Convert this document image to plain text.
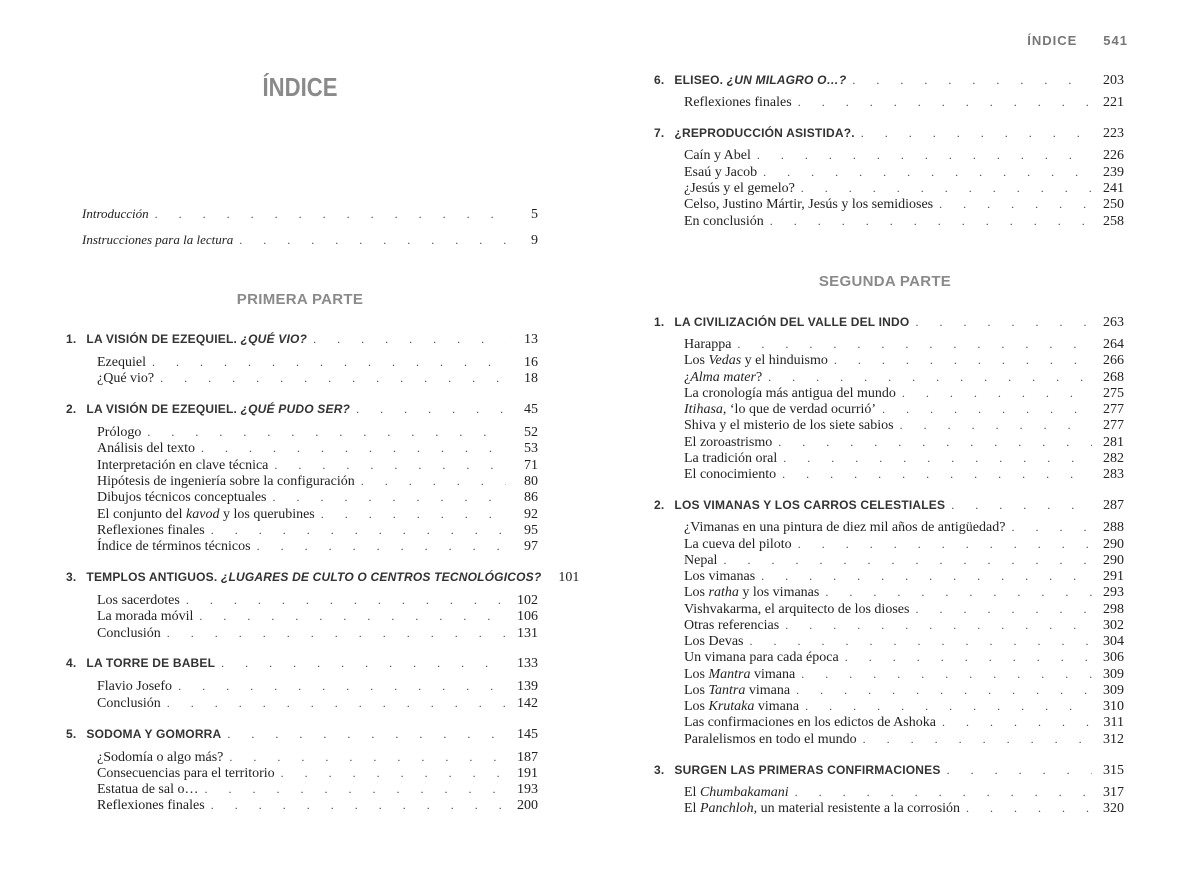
ÍNDICE
Introducción . . .	5
Instrucciones para la lectura . . .	9
PRIMERA PARTE
1. LA VISIÓN DE EZEQUIEL. ¿QUÉ VIO? . . .	13
Ezequiel . . .	16
¿Qué vio? . . .	18
2. LA VISIÓN DE EZEQUIEL. ¿QUÉ PUDO SER? . . .	45
Prólogo . . .	52
Análisis del texto . . .	53
Interpretación en clave técnica . . .	71
Hipótesis de ingeniería sobre la configuración . . .	80
Dibujos técnicos conceptuales . . .	86
El conjunto del kavod y los querubines . . .	92
Reflexiones finales . . .	95
Índice de términos técnicos . . .	97
3. TEMPLOS ANTIGUOS. ¿LUGARES DE CULTO O CENTROS TECNOLÓGICOS?	101
Los sacerdotes . . .	102
La morada móvil . . .	106
Conclusión . . .	131
4. LA TORRE DE BABEL . . .	133
Flavio Josefo . . .	139
Conclusión . . .	142
5. SODOMA Y GOMORRA . . .	145
¿Sodomía o algo más? . . .	187
Consecuencias para el territorio . . .	191
Estatua de sal o… . . .	193
Reflexiones finales . . .	200
ÍNDICE 541
6. ELISEO. ¿UN MILAGRO O…? . . .	203
Reflexiones finales . . .	221
7. ¿REPRODUCCIÓN ASISTIDA?. . . .	223
Caín y Abel . . .	226
Esaú y Jacob . . .	239
¿Jesús y el gemelo? . . .	241
Celso, Justino Mártir, Jesús y los semidioses . . .	250
En conclusión . . .	258
SEGUNDA PARTE
1. LA CIVILIZACIÓN DEL VALLE DEL INDO . . .	263
Harappa . . .	264
Los Vedas y el hinduismo . . .	266
¿Alma mater? . . .	268
La cronología más antigua del mundo . . .	275
Itihasa, ‘lo que de verdad ocurrió’ . . .	277
Shiva y el misterio de los siete sabios . . .	277
El zoroastrismo . . .	281
La tradición oral . . .	282
El conocimiento . . .	283
2. LOS VIMANAS Y LOS CARROS CELESTIALES . . .	287
¿Vimanas en una pintura de diez mil años de antigüedad? . . .	288
La cueva del piloto . . .	290
Nepal . . .	290
Los vimanas . . .	291
Los ratha y los vimanas . . .	293
Vishvakarma, el arquitecto de los dioses . . .	298
Otras referencias . . .	302
Los Devas . . .	304
Un vimana para cada época . . .	306
Los Mantra vimana . . .	309
Los Tantra vimana . . .	309
Los Krutaka vimana . . .	310
Las confirmaciones en los edictos de Ashoka . . .	311
Paralelismos en todo el mundo . . .	312
3. SURGEN LAS PRIMERAS CONFIRMACIONES . . .	315
El Chumbakamani . . .	317
El Panchloh, un material resistente a la corrosión . . .	320
